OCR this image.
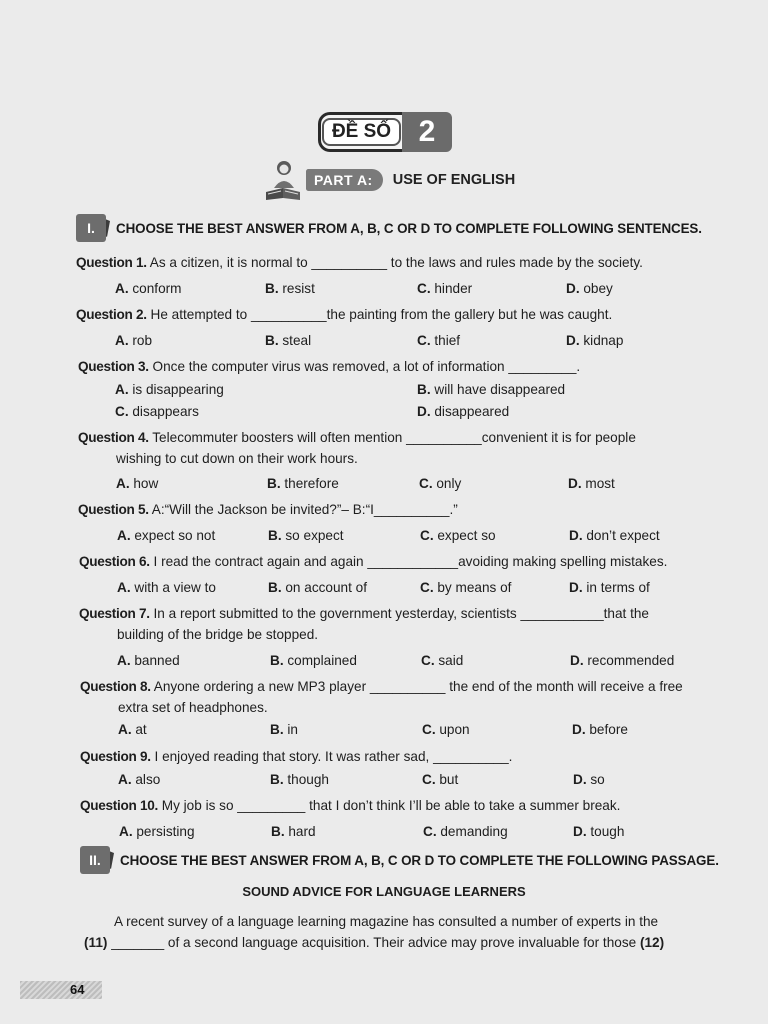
ĐỀ SỐ 2
PART A:	USE OF ENGLISH
I.	CHOOSE THE BEST ANSWER FROM A, B, C OR D TO COMPLETE FOLLOWING SENTENCES.
Question 1. As a citizen, it is normal to __________ to the laws and rules made by the society.
A. conform	B. resist	C. hinder	D. obey
Question 2. He attempted to __________the painting from the gallery but he was caught.
A. rob	B. steal	C. thief	D. kidnap
Question 3. Once the computer virus was removed, a lot of information _________.
A. is disappearing	B. will have disappeared
C. disappears	D. disappeared
Question 4. Telecommuter boosters will often mention __________convenient it is for people
wishing to cut down on their work hours.
A. how	B. therefore	C. only	D. most
Question 5. A:“Will the Jackson be invited?”– B:“I__________.”
A. expect so not	B. so expect	C. expect so	D. don’t expect
Question 6. I read the contract again and again ____________avoiding making spelling mistakes.
A. with a view to	B. on account of	C. by means of	D. in terms of
Question 7. In a report submitted to the government yesterday, scientists ___________that the
building of the bridge be stopped.
A. banned	B. complained	C. said	D. recommended
Question 8. Anyone ordering a new MP3 player __________ the end of the month will receive a free
extra set of headphones.
A. at	B. in	C. upon	D. before
Question 9. I enjoyed reading that story. It was rather sad, __________.
A. also	B. though	C. but	D. so
Question 10. My job is so _________ that I don’t think I’ll be able to take a summer break.
A. persisting	B. hard	C. demanding	D. tough
II.	CHOOSE THE BEST ANSWER FROM A, B, C OR D TO COMPLETE THE FOLLOWING PASSAGE.
SOUND ADVICE FOR LANGUAGE LEARNERS
A recent survey of a language learning magazine has consulted a number of experts in the
(11) _______ of a second language acquisition. Their advice may prove invaluable for those (12)
64
